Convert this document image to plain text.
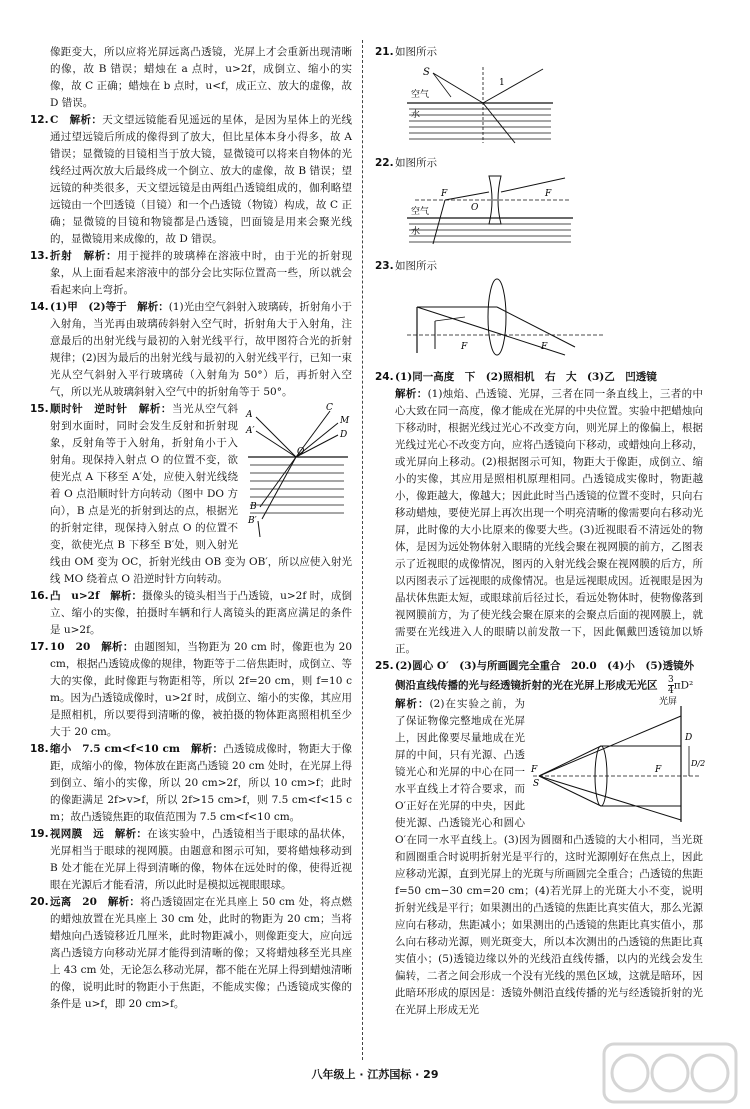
像距变大，所以应将光屏远离凸透镜，光屏上才会重新出现清晰的像，故 B 错误；蜡烛在 a 点时，u>2f，成倒立、缩小的实像，故 C 正确；蜡烛在 b 点时，u<f，成正立、放大的虚像，故 D 错误。

12. C　 解析：天文望远镜能看见遥远的星体，是因为星体上的光线通过望远镜后所成的像得到了放大，但比星体本身小得多，故 A 错误；显微镜的目镜相当于放大镜，显微镜可以将来自物体的光线经过两次放大后最终成一个倒立、放大的虚像，故 B 错误；望远镜的种类很多，天文望远镜是由两组凸透镜组成的，伽利略望远镜由一个凹透镜（目镜）和一个凸透镜（物镜）构成，故 C 正确；显微镜的目镜和物镜都是凸透镜，凹面镜是用来会聚光线的，显微镜用来成像的，故 D 错误。

13. 折射　 解析：用于搅拌的玻璃棒在溶液中时，由于光的折射现象，从上面看起来溶液中的部分会比实际位置高一些，所以就会看起来向上弯折。

14. (1)甲　(2)等于　 解析：(1)光由空气斜射入玻璃砖，折射角小于入射角，当光再由玻璃砖斜射入空气时，折射角大于入射角，注意最后的出射光线与最初的入射光线平行，故甲图符合光的折射规律；(2)因为最后的出射光线与最初的入射光线平行，已知一束光从空气斜射入平行玻璃砖（入射角为 50°）后，再折射入空气，所以光从玻璃斜射入空气中的折射角等于 50°。

A
A′
C
M
D
O
B
B′
15. 顺时针　逆时针　 解析：当光从空气斜射到水面时，同时会发生反射和折射现象，反射角等于入射角，折射角小于入射角。现保持入射点 O 的位置不变，欲使光点 A 下移至 A′处，应使入射光线绕着 O 点沿顺时针方向转动（图中 DO 方向），B 点是光的折射到达的点，根据光的折射定律，现保持入射点 O 的位置不变，欲使光点 B 下移至 B′处，则入射光线由 OM 变为 OC，折射光线由 OB 变为 OB′，所以应使入射光线 MO 绕着点 O 沿逆时针方向转动。

16. 凸　u>2f　 解析：摄像头的镜头相当于凸透镜，u>2f 时，成倒立、缩小的实像，拍摄时车辆和行人离镜头的距离应满足的条件是 u>2f。

17. 10　20　 解析：由题图知，当物距为 20 cm 时，像距也为 20 cm，根据凸透镜成像的规律，物距等于二倍焦距时，成倒立、等大的实像，此时像距与物距相等，所以 2f=20 cm，则 f=10 cm。因为凸透镜成像时，u>2f 时，成倒立、缩小的实像，其应用是照相机，所以要得到清晰的像，被拍摄的物体距离照相机至少大于 20 cm。

18. 缩小　7.5 cm<f<10 cm　 解析：凸透镜成像时，物距大于像距，成缩小的像，物体放在距离凸透镜 20 cm 处时，在光屏上得到倒立、缩小的实像，所以 20 cm>2f，所以 10 cm>f；此时的像距满足 2f>v>f，所以 2f>15 cm>f，则 7.5 cm<f<15 cm；故凸透镜焦距的取值范围为 7.5 cm<f<10 cm。

19. 视网膜　远　 解析：在该实验中，凸透镜相当于眼球的晶状体，光屏相当于眼球的视网膜。由题意和图示可知，要将蜡烛移动到 B 处才能在光屏上得到清晰的像，物体在远处时的像，使得近视眼在光源后才能看清，所以此时是模拟远视眼眼球。

20. 远离　20　 解析：将凸透镜固定在光具座上 50 cm 处，将点燃的蜡烛放置在光具座上 30 cm 处，此时的物距为 20 cm；当将蜡烛向凸透镜移近几厘米，此时物距减小，则像距变大，应向远离凸透镜方向移动光屏才能得到清晰的像；又将蜡烛移至光具座上 43 cm 处，无论怎么移动光屏，都不能在光屏上得到蜡烛清晰的像，说明此时的物距小于焦距，不能成实像；凸透镜成实像的条件是 u>f，即 20 cm>f。

21. 如图所示

S
1
空气
水

22. 如图所示

F
O
F
空气
水

23. 如图所示

F	F

24. (1)同一高度　下　(2)照相机　右　大　(3)乙　凹透镜
解析：(1)烛焰、凸透镜、光屏，三者在同一条直线上，三者的中心大致在同一高度，像才能成在光屏的中央位置。实验中把蜡烛向下移动时，根据光线过光心不改变方向，则光屏上的像偏上，根据光线过光心不改变方向，应将凸透镜向下移动，或蜡烛向上移动，或光屏向上移动。(2)根据图示可知，物距大于像距，成倒立、缩小的实像，其应用是照相机原理相同。凸透镜成实像时，物距越小，像距越大，像越大；因此此时当凸透镜的位置不变时，只向右移动蜡烛，要使光屏上再次出现一个明亮清晰的像需要向右移动光屏，此时像的大小比原来的像要大些。(3)近视眼看不清远处的物体，是因为远处物体射入眼睛的光线会聚在视网膜的前方，乙图表示了近视眼的成像情况，图丙的入射光线会聚在视网膜的后方，所以丙图表示了远视眼的成像情况。也是远视眼成因。近视眼是因为晶状体焦距太短，或眼球前后径过长，看远处物体时，使物像落到视网膜前方，为了使光线会聚在原来的会聚点后面的视网膜上，就需要在光线进入人的眼睛以前发散一下，因此佩戴凹透镜加以矫正。

25. (2)圆心 O′　(3)与所画圆完全重合　20.0　(4)小　(5)透镜外
侧沿直线传播的光与经透镜折射的光在光屏上形成无光区　 $\frac{3}{4} \pi D^2$

光屏
F
S
F
D
D/2
解析：(2)在实验之前，为了保证物像完整地成在光屏上，因此像要尽量地成在光屏的中间，只有光源、凸透镜光心和光屏的中心在同一水平直线上才符合要求，而 O′正好在光屏的中央，因此使光源、凸透镜光心和圆心 O′在同一水平直线上。(3)因为圆圈和凸透镜的大小相同，当光斑和圆圈重合时说明折射光是平行的，这时光源刚好在焦点上，因此应移动光源，直到光屏上的光斑与所画圆完全重合；凸透镜的焦距 f=50 cm−30 cm=20 cm；(4)若光屏上的光斑大小不变，说明折射光线是平行；如果测出的凸透镜的焦距比真实值大，那么光源应向右移动，焦距减小；如果测出的凸透镜的焦距比真实值小，那么向右移动光源，则光斑变大，所以本次测出的凸透镜的焦距比真实值小；(5)透镜边缘以外的光线沿直线传播，以内的光线会发生偏转，二者之间会形成一个没有光线的黑色区域，这就是暗环，因此暗环形成的原因是：透镜外侧沿直线传播的光与经透镜折射的光在光屏上形成无光
八年级上 · 江苏国标 · 29
